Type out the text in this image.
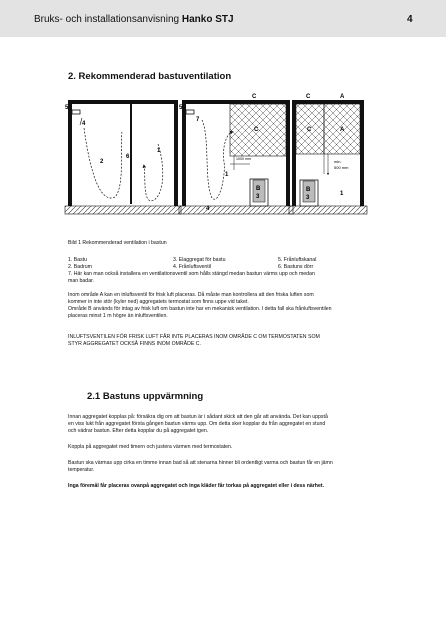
Bruks- och installationsanvisning Hanko STJ	4
2. Rekommenderad bastuventilation
5
4
6
2
1
5
7
C
C
1000 mm
1
B
3
4
C	A
C	A
min.
500 mm
B
3
1
Bild 1 Rekommenderad ventilation i bastun
1. Bastu	3. Elaggregat för bastu	5. Frånluftskanal
2. Badrum	4. Frånluftsventil	6. Bastuns dörr
7. Här kan man också installera en ventilationsventil som hålls stängd medan bastun värms upp och medan
man badar.
Inom område A kan en inluftsventil för frisk luft placeras. Då måste man kontrollera att den friska luften som
kommer in inte stör (kyler ned) aggregatets termostat som finns uppe vid taket.
Område B används för intag av frisk luft om bastun inte har en mekanisk ventilation. I detta fall ska frånluftsventilen
placeras minst 1 m högre än inluftsventilen.
INLUFTSVENTILEN FÖR FRISK LUFT FÅR INTE PLACERAS INOM OMRÅDE C OM TERMOSTATEN SOM
STYR AGGREGATET OCKSÅ FINNS INOM OMRÅDE C.
2.1 Bastuns uppvärmning
Innan aggregatet kopplas på: försäkra dig om att bastun är i sådant skick att den går att använda. Det kan uppstå
en viss lukt från aggregatet första gången bastun värms upp. Om detta sker kopplar du från aggregatet en stund
och vädrar bastun. Efter detta kopplar du på aggregatet igen.
Koppla på aggregatet med timern och justera värmen med termostaten.
Bastun ska värmas upp cirka en timme innan bad så att stenarna hinner bli ordentligt varma och bastun får en jämn
temperatur.
Inga föremål får placeras ovanpå aggregatet och inga kläder får torkas på aggregatet eller i dess närhet.
